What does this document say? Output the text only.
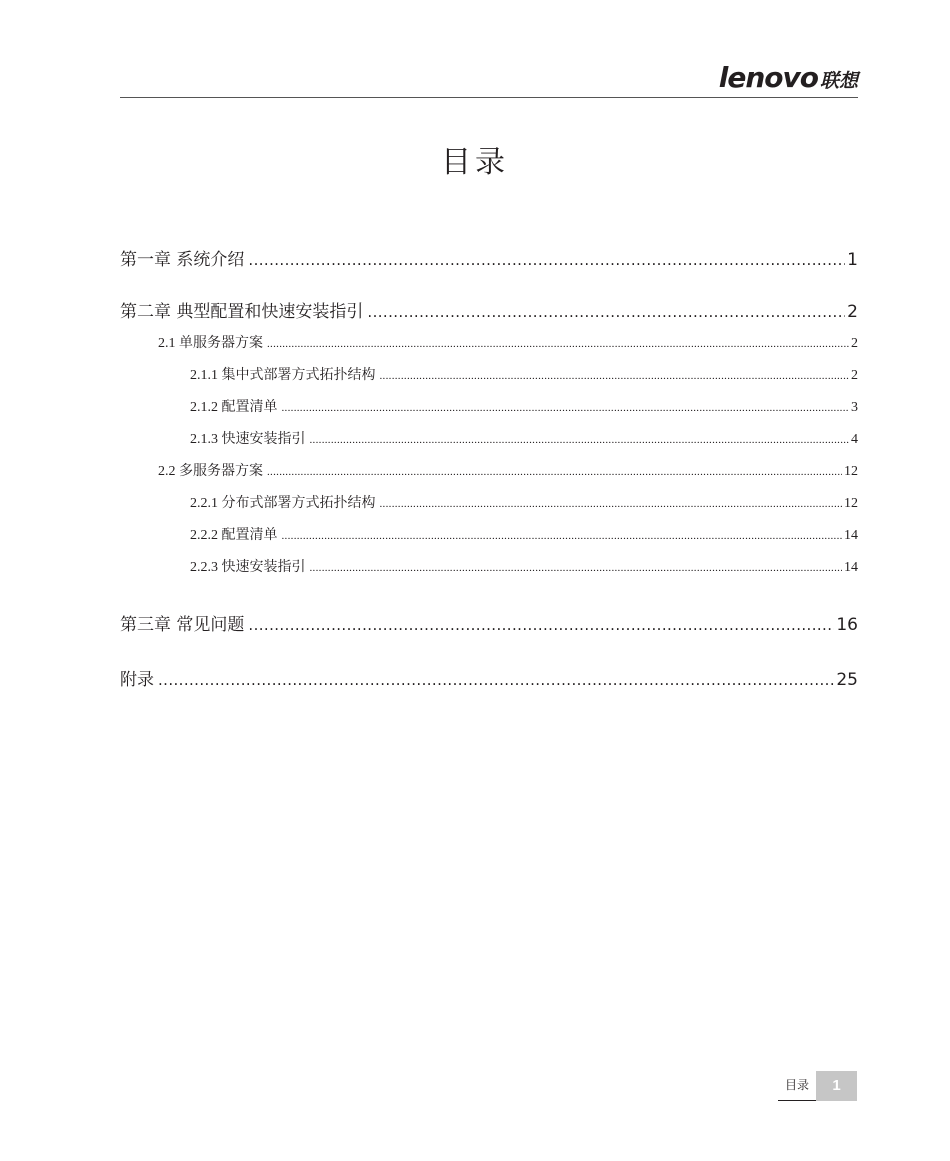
lenovo 联想
目录
第一章 系统介绍 .....	1
第二章 典型配置和快速安装指引 .....	2
2.1 单服务器方案 .....	2
2.1.1 集中式部署方式拓扑结构 .....	2
2.1.2 配置清单 .....	3
2.1.3 快速安装指引 .....	4
2.2 多服务器方案 .....	12
2.2.1 分布式部署方式拓扑结构 .....	12
2.2.2 配置清单 .....	14
2.2.3 快速安装指引 .....	14
第三章 常见问题 .....	16
附录 .....	25
目录	1
